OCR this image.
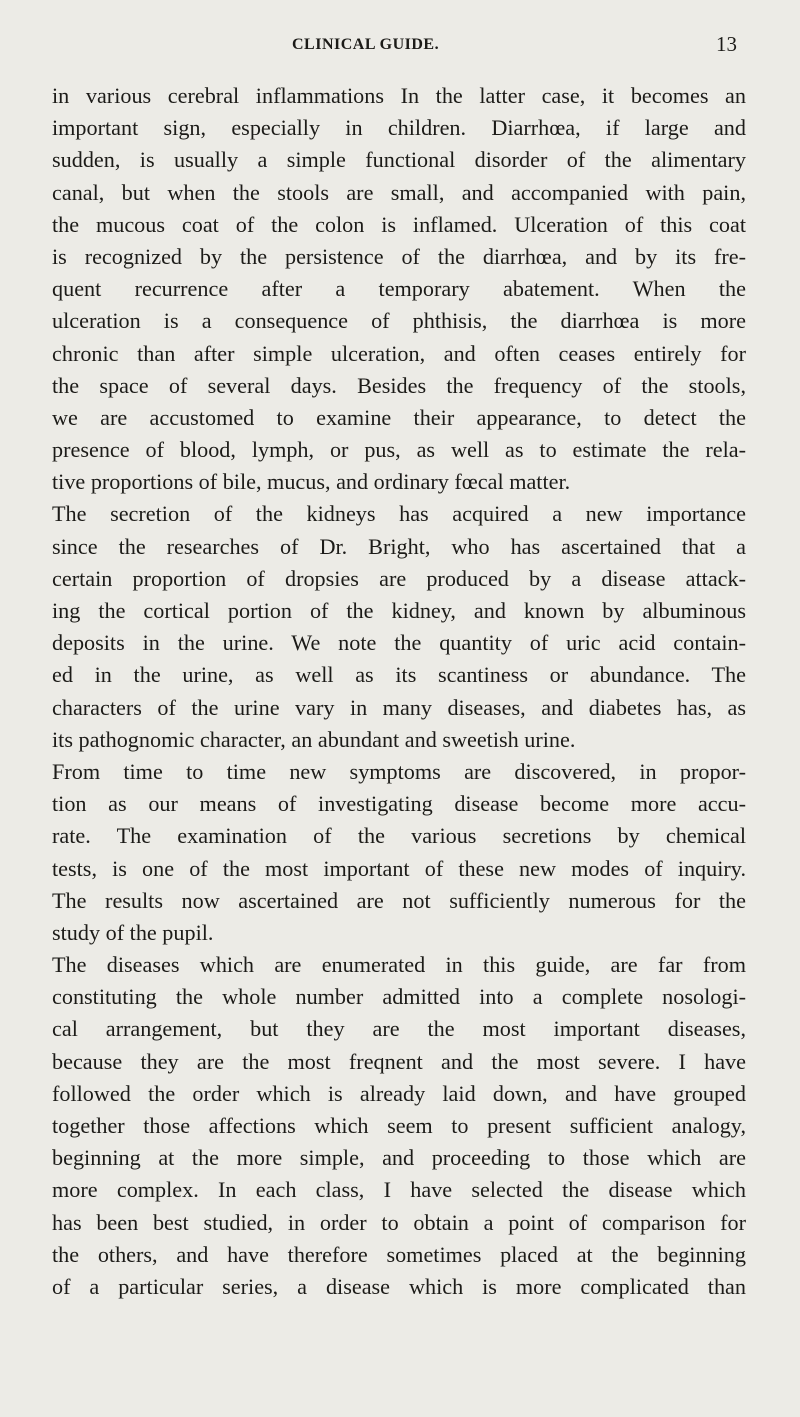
CLINICAL GUIDE.	13
in various cerebral inflammations In the latter case, it becomes an
important sign, especially in children. Diarrhœa, if large and
sudden, is usually a simple functional disorder of the alimentary
canal, but when the stools are small, and accompanied with pain,
the mucous coat of the colon is inflamed. Ulceration of this coat
is recognized by the persistence of the diarrhœa, and by its fre-
quent recurrence after a temporary abatement. When the
ulceration is a consequence of phthisis, the diarrhœa is more
chronic than after simple ulceration, and often ceases entirely for
the space of several days. Besides the frequency of the stools,
we are accustomed to examine their appearance, to detect the
presence of blood, lymph, or pus, as well as to estimate the rela-
tive proportions of bile, mucus, and ordinary fœcal matter.
The secretion of the kidneys has acquired a new importance
since the researches of Dr. Bright, who has ascertained that a
certain proportion of dropsies are produced by a disease attack-
ing the cortical portion of the kidney, and known by albuminous
deposits in the urine. We note the quantity of uric acid contain-
ed in the urine, as well as its scantiness or abundance. The
characters of the urine vary in many diseases, and diabetes has, as
its pathognomic character, an abundant and sweetish urine.
From time to time new symptoms are discovered, in propor-
tion as our means of investigating disease become more accu-
rate. The examination of the various secretions by chemical
tests, is one of the most important of these new modes of inquiry.
The results now ascertained are not sufficiently numerous for the
study of the pupil.
The diseases which are enumerated in this guide, are far from
constituting the whole number admitted into a complete nosologi-
cal arrangement, but they are the most important diseases,
because they are the most freqnent and the most severe. I have
followed the order which is already laid down, and have grouped
together those affections which seem to present sufficient analogy,
beginning at the more simple, and proceeding to those which are
more complex. In each class, I have selected the disease which
has been best studied, in order to obtain a point of comparison for
the others, and have therefore sometimes placed at the beginning
of a particular series, a disease which is more complicated than
